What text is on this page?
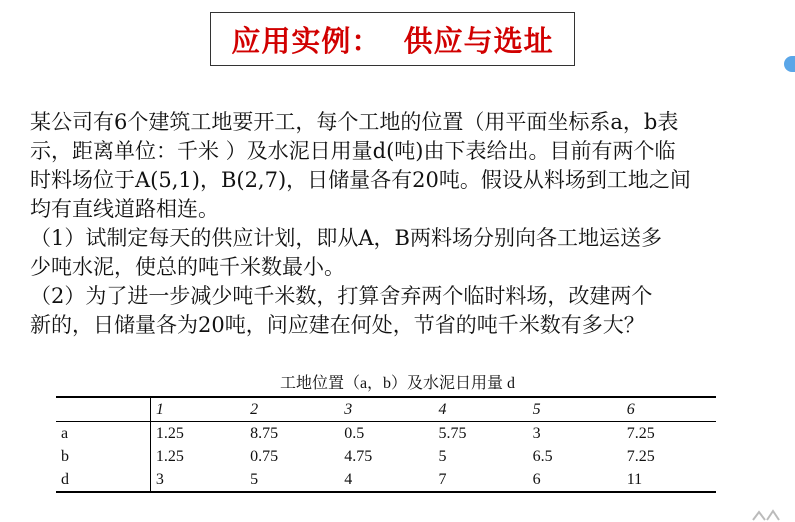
应用实例：  供应与选址
某公司有6个建筑工地要开工，每个工地的位置（用平面坐标系a，b表
示，距离单位：千米 ）及水泥日用量d(吨)由下表给出。目前有两个临
时料场位于A(5,1)，B(2,7)，日储量各有20吨。假设从料场到工地之间
均有直线道路相连。
（1）试制定每天的供应计划，即从A，B两料场分别向各工地运送多
少吨水泥，使总的吨千米数最小。
（2）为了进一步减少吨千米数，打算舍弃两个临时料场，改建两个
新的，日储量各为20吨，问应建在何处，节省的吨千米数有多大？
工地位置（a，b）及水泥日用量 d
	1	2	3	4	5	6
a	1.25	8.75	0.5	5.75	3	7.25
b	1.25	0.75	4.75	5	6.5	7.25
d	3	5	4	7	6	11
